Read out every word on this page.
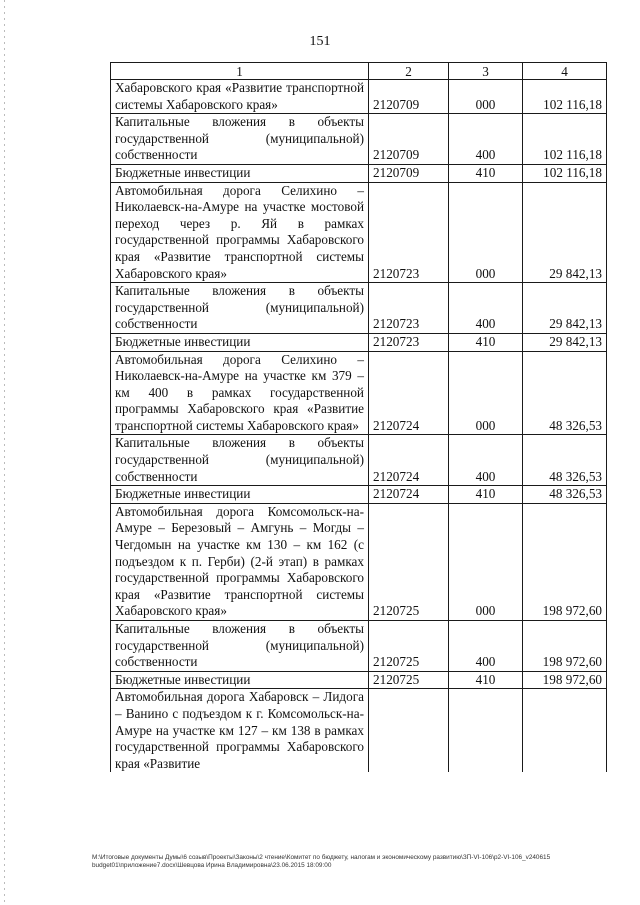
151
1	2	3	4
Хабаровского края «Развитие транспортной системы Хабаровского края»	2120709	000	102 116,18
Капитальные вложения в объекты государственной (муниципальной) собственности	2120709	400	102 116,18
Бюджетные инвестиции	2120709	410	102 116,18
Автомобильная дорога Селихино – Николаевск-на-Амуре на участке мостовой переход через р. Яй в рамках государственной программы Хабаровского края «Развитие транспортной системы Хабаровского края»	2120723	000	29 842,13
Капитальные вложения в объекты государственной (муниципальной) собственности	2120723	400	29 842,13
Бюджетные инвестиции	2120723	410	29 842,13
Автомобильная дорога Селихино – Николаевск-на-Амуре на участке км 379 – км 400 в рамках государственной программы Хабаровского края «Развитие транспортной системы Хабаровского края»	2120724	000	48 326,53
Капитальные вложения в объекты государственной (муниципальной) собственности	2120724	400	48 326,53
Бюджетные инвестиции	2120724	410	48 326,53
Автомобильная дорога Комсомольск-на-Амуре – Березовый – Амгунь – Могды – Чегдомын на участке км 130 – км 162 (с подъездом к п. Герби) (2-й этап) в рамках государственной программы Хабаровского края «Развитие транспортной системы Хабаровского края»	2120725	000	198 972,60
Капитальные вложения в объекты государственной (муниципальной) собственности	2120725	400	198 972,60
Бюджетные инвестиции	2120725	410	198 972,60
Автомобильная дорога Хабаровск – Лидога – Ванино с подъездом к г. Комсомольск-на-Амуре на участке км 127 – км 138 в рамках государственной программы Хабаровского края «Развитие			
M:\Итоговые документы Думы\6 созыв\Проекты\Законы\2 чтение\Комитет по бюджету, налогам и экономическому развитию\ЗП-VI-106\р2-VI-106_v240615 budget01\приложение7.docx\Шевцова Ирина Владимировна\23.06.2015 18:09:00
